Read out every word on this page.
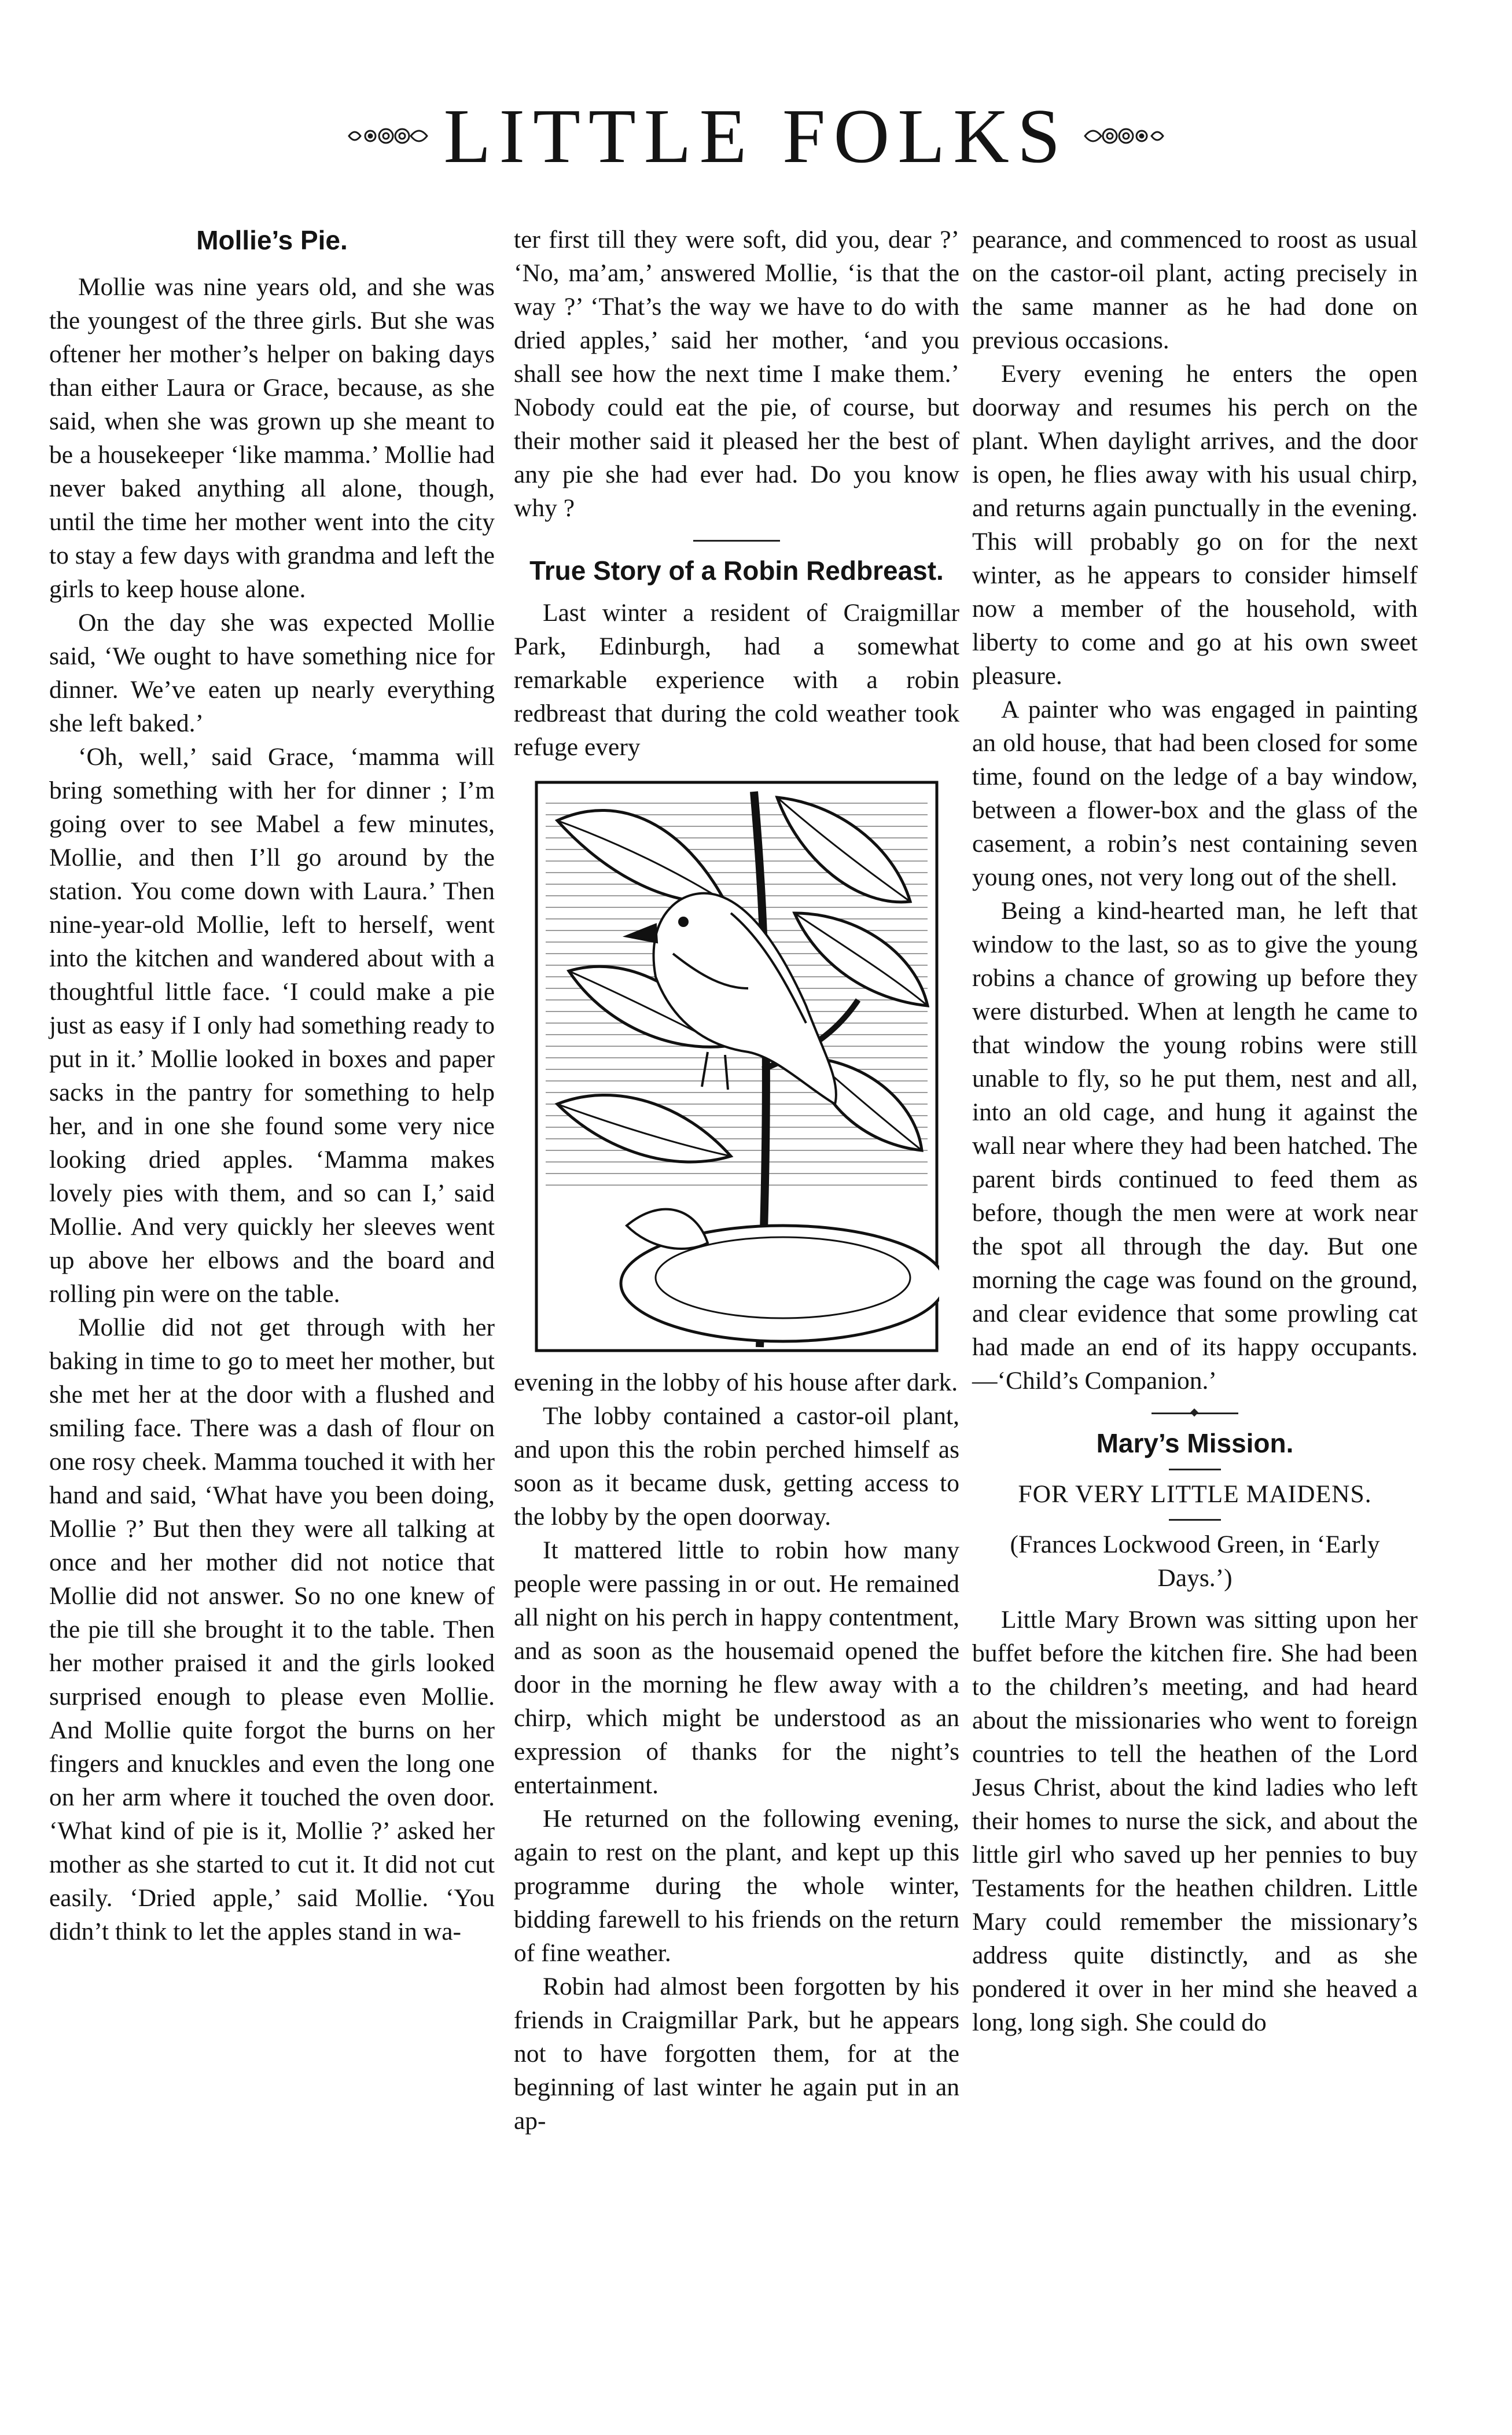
LITTLE FOLKS
Mollie’s Pie.

Mollie was nine years old, and she was the youngest of the three girls. But she was oftener her mother’s helper on baking days than either Laura or Grace, because, as she said, when she was grown up she meant to be a housekeeper ‘like mamma.’ Mollie had never baked anything all alone, though, until the time her mother went into the city to stay a few days with grandma and left the girls to keep house alone.

On the day she was expected Mollie said, ‘We ought to have something nice for dinner. We’ve eaten up nearly everything she left baked.’

‘Oh, well,’ said Grace, ‘mamma will bring something with her for dinner ; I’m going over to see Mabel a few minutes, Mollie, and then I’ll go around by the station. You come down with Laura.’ Then nine-year-old Mollie, left to herself, went into the kitchen and wandered about with a thoughtful little face. ‘I could make a pie just as easy if I only had something ready to put in it.’ Mollie looked in boxes and paper sacks in the pantry for something to help her, and in one she found some very nice looking dried apples. ‘Mamma makes lovely pies with them, and so can I,’ said Mollie. And very quickly her sleeves went up above her elbows and the board and rolling pin were on the table.

Mollie did not get through with her baking in time to go to meet her mother, but she met her at the door with a flushed and smiling face. There was a dash of flour on one rosy cheek. Mamma touched it with her hand and said, ‘What have you been doing, Mollie ?’ But then they were all talking at once and her mother did not notice that Mollie did not answer. So no one knew of the pie till she brought it to the table. Then her mother praised it and the girls looked surprised enough to please even Mollie. And Mollie quite forgot the burns on her fingers and knuckles and even the long one on her arm where it touched the oven door. ‘What kind of pie is it, Mollie ?’ asked her mother as she started to cut it. It did not cut easily. ‘Dried apple,’ said Mollie. ‘You didn’t think to let the apples stand in wa-

ter first till they were soft, did you, dear ?’ ‘No, ma’am,’ answered Mollie, ‘is that the way ?’ ‘That’s the way we have to do with dried apples,’ said her mother, ‘and you shall see how the next time I make them.’ Nobody could eat the pie, of course, but their mother said it pleased her the best of any pie she had ever had. Do you know why ?

True Story of a Robin Redbreast.

Last winter a resident of Craigmillar Park, Edinburgh, had a somewhat remarkable experience with a robin redbreast that during the cold weather took refuge every

evening in the lobby of his house after dark.

The lobby contained a castor-oil plant, and upon this the robin perched himself as soon as it became dusk, getting access to the lobby by the open doorway.

It mattered little to robin how many people were passing in or out. He remained all night on his perch in happy contentment, and as soon as the housemaid opened the door in the morning he flew away with a chirp, which might be understood as an expression of thanks for the night’s entertainment.

He returned on the following evening, again to rest on the plant, and kept up this programme during the whole winter, bidding farewell to his friends on the return of fine weather.

Robin had almost been forgotten by his friends in Craigmillar Park, but he appears not to have forgotten them, for at the beginning of last winter he again put in an ap-

pearance, and commenced to roost as usual on the castor-oil plant, acting precisely in the same manner as he had done on previous occasions.

Every evening he enters the open doorway and resumes his perch on the plant. When daylight arrives, and the door is open, he flies away with his usual chirp, and returns again punctually in the evening. This will probably go on for the next winter, as he appears to consider himself now a member of the household, with liberty to come and go at his own sweet pleasure.

A painter who was engaged in painting an old house, that had been closed for some time, found on the ledge of a bay window, between a flower-box and the glass of the casement, a robin’s nest containing seven young ones, not very long out of the shell.

Being a kind-hearted man, he left that window to the last, so as to give the young robins a chance of growing up before they were disturbed. When at length he came to that window the young robins were still unable to fly, so he put them, nest and all, into an old cage, and hung it against the wall near where they had been hatched. The parent birds continued to feed them as before, though the men were at work near the spot all through the day. But one morning the cage was found on the ground, and clear evidence that some prowling cat had made an end of its happy occupants.—‘Child’s Companion.’

Mary’s Mission.
FOR VERY LITTLE MAIDENS.
(Frances Lockwood Green, in ‘Early Days.’)

Little Mary Brown was sitting upon her buffet before the kitchen fire. She had been to the children’s meeting, and had heard about the missionaries who went to foreign countries to tell the heathen of the Lord Jesus Christ, about the kind ladies who left their homes to nurse the sick, and about the little girl who saved up her pennies to buy Testaments for the heathen children. Little Mary could remember the missionary’s address quite distinctly, and as she pondered it over in her mind she heaved a long, long sigh. She could do
